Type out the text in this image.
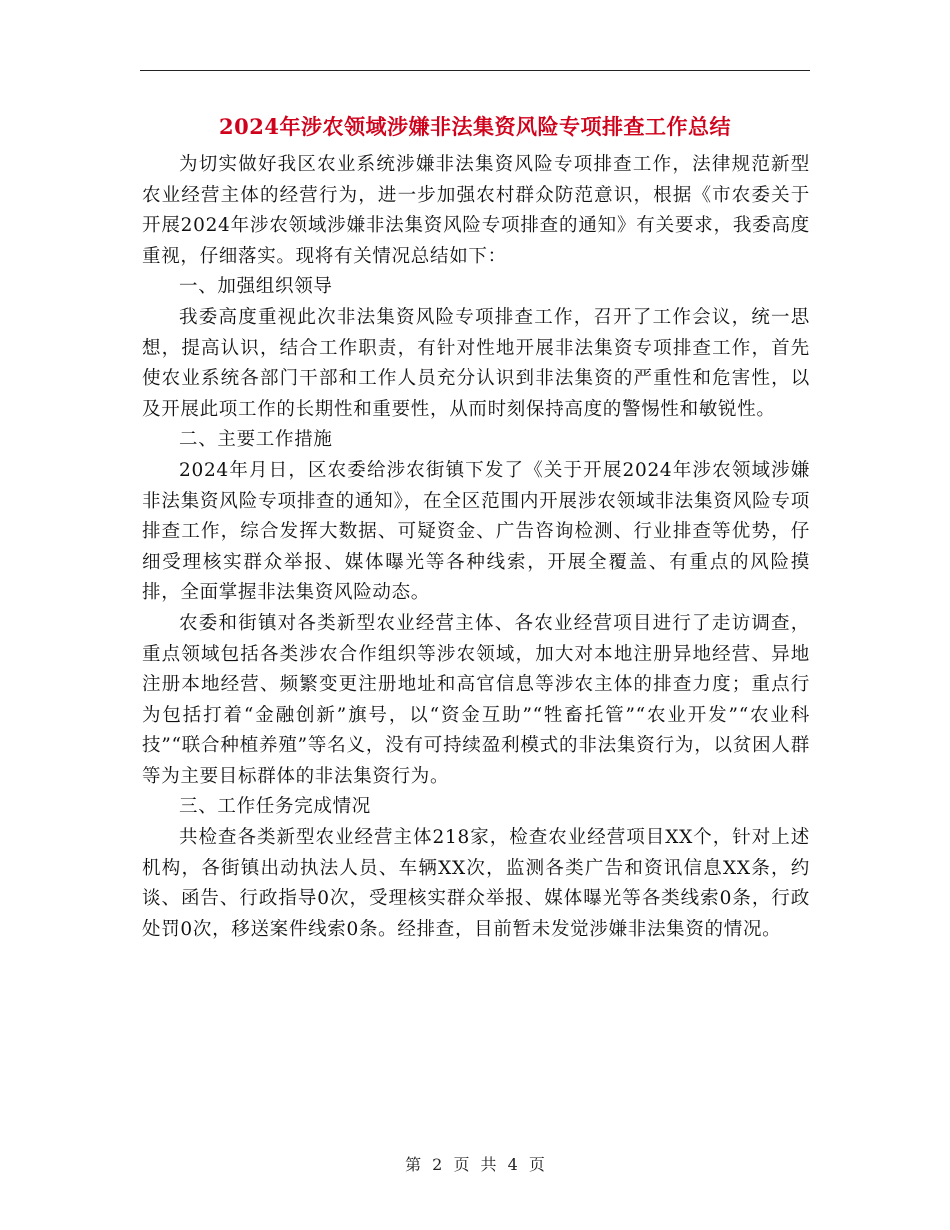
2024年涉农领域涉嫌非法集资风险专项排查工作总结

为切实做好我区农业系统涉嫌非法集资风险专项排查工作，法律规范新型农业经营主体的经营行为，进一步加强农村群众防范意识，根据《市农委关于开展2024年涉农领域涉嫌非法集资风险专项排查的通知》有关要求，我委高度重视，仔细落实。现将有关情况总结如下：

一、加强组织领导

我委高度重视此次非法集资风险专项排查工作，召开了工作会议，统一思想，提高认识，结合工作职责，有针对性地开展非法集资专项排查工作，首先使农业系统各部门干部和工作人员充分认识到非法集资的严重性和危害性，以及开展此项工作的长期性和重要性，从而时刻保持高度的警惕性和敏锐性。

二、主要工作措施

2024年月日，区农委给涉农街镇下发了《关于开展2024年涉农领域涉嫌非法集资风险专项排查的通知》，在全区范围内开展涉农领域非法集资风险专项排查工作，综合发挥大数据、可疑资金、广告咨询检测、行业排查等优势，仔细受理核实群众举报、媒体曝光等各种线索，开展全覆盖、有重点的风险摸排，全面掌握非法集资风险动态。

农委和街镇对各类新型农业经营主体、各农业经营项目进行了走访调查，重点领域包括各类涉农合作组织等涉农领域，加大对本地注册异地经营、异地注册本地经营、频繁变更注册地址和高官信息等涉农主体的排查力度；重点行为包括打着“金融创新”旗号，以“资金互助”“牲畜托管”“农业开发”“农业科技”“联合种植养殖”等名义，没有可持续盈利模式的非法集资行为，以贫困人群等为主要目标群体的非法集资行为。

三、工作任务完成情况

共检查各类新型农业经营主体218家，检查农业经营项目XX个，针对上述机构，各街镇出动执法人员、车辆XX次，监测各类广告和资讯信息XX条，约谈、函告、行政指导0次，受理核实群众举报、媒体曝光等各类线索0条，行政处罚0次，移送案件线索0条。经排查，目前暂未发觉涉嫌非法集资的情况。

第 2 页 共 4 页
